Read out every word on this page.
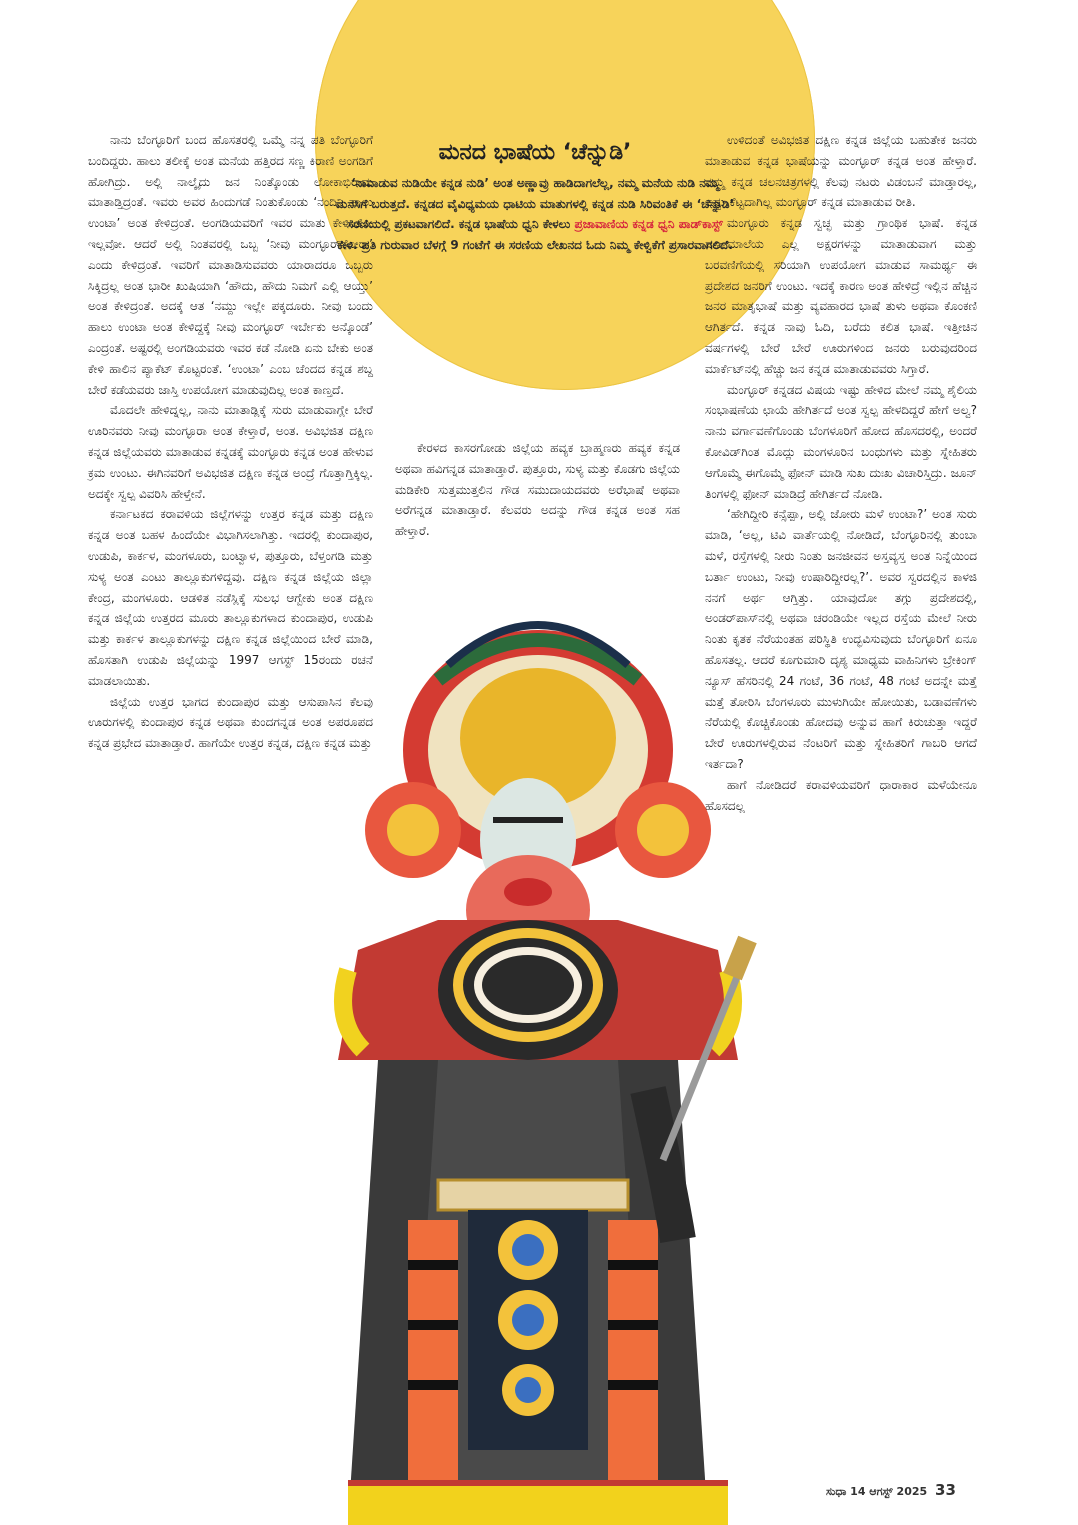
ಮನದ ಭಾಷೆಯ ‘ಚೆನ್ನುಡಿ’

‘ನಾವಾಡುವ ನುಡಿಯೇ ಕನ್ನಡ ನುಡಿ’ ಅಂತ ಅಣ್ಣಾವ್ರು ಹಾಡಿದಾಗಲೆಲ್ಲ, ನಮ್ಮ ಮನೆಯ ನುಡಿ ನಮ್ಮ ಮನಸಿಗೆ ಬರುತ್ತದೆ. ಕನ್ನಡದ ವೈವಿಧ್ಯಮಯ ಧಾಟಿಯ ಮಾತುಗಳಲ್ಲಿ ಕನ್ನಡ ನುಡಿ ಸಿರಿವಂತಿಕೆ ಈ ‘ಚೆನ್ನುಡಿ’ ಸರಣಿಯಲ್ಲಿ ಪ್ರಕಟವಾಗಲಿದೆ. ಕನ್ನಡ ಭಾಷೆಯ ಧ್ವನಿ ಕೇಳಲು ಪ್ರಜಾವಾಣಿಯ ಕನ್ನಡ ಧ್ವನಿ ಪಾಡ್‌ಕಾಸ್ಟ್ ಕೇಳಿ. ಪ್ರತಿ ಗುರುವಾರ ಬೆಳಗ್ಗೆ 9 ಗಂಟೆಗೆ ಈ ಸರಣಿಯ ಲೇಖನದ ಓದು ನಿಮ್ಮ ಕೇಳ್ವಿಕೆಗೆ ಪ್ರಸಾರವಾಗಲಿದೆ.

ನಾನು ಬೆಂಗ್ಳೂರಿಗೆ ಬಂದ ಹೊಸತರಲ್ಲಿ ಒಮ್ಮೆ ನನ್ನ ಪತಿ ಬೆಂಗ್ಳೂರಿಗೆ ಬಂದಿದ್ದರು. ಹಾಲು ತಲೀಕ್ಕೆ ಅಂತ ಮನೆಯ ಹತ್ತಿರದ ಸಣ್ಣ ಕಿರಾಣಿ ಅಂಗಡಿಗೆ ಹೋಗಿದ್ರು. ಅಲ್ಲಿ ನಾಲ್ಕೈದು ಜನ ನಿಂತ್ಕೊಂಡು ಲೋಕಾಭಿರಾಮ ಮಾತಾಡ್ತಿದ್ರಂತೆ. ಇವರು ಅವರ ಹಿಂದುಗಡೆ ನಿಂತುಕೊಂಡು ‘ನಂದಿನಿ ಹಾಲು ಉಂಟಾ’ ಅಂತ ಕೇಳಿದ್ರಂತೆ. ಅಂಗಡಿಯವರಿಗೆ ಇವರ ಮಾತು ಕೇಳಿಸಿತೋ ಇಲ್ಲವೋ. ಆದರೆ ಅಲ್ಲಿ ನಿಂತವರಲ್ಲಿ ಒಬ್ಬ ‘ನೀವು ಮಂಗ್ಳೂರ್‌ನೋರಾ’ ಎಂದು ಕೇಳಿದ್ರಂತೆ. ಇವರಿಗೆ ಮಾತಾಡಿಸುವವರು ಯಾರಾದರೂ ಒಬ್ಬರು ಸಿಕ್ಕಿದ್ರಲ್ಲ ಅಂತ ಭಾರೀ ಖುಷಿಯಾಗಿ ‘ಹೌದು, ಹೌದು ನಿಮಗೆ ಎಲ್ಲಿ ಆಯ್ತು’ ಅಂತ ಕೇಳಿದ್ರಂತೆ. ಅದಕ್ಕೆ ಆತ ‘ನಮ್ದು ಇಲ್ಲೇ ಪಕ್ಕದೂರು. ನೀವು ಬಂದು ಹಾಲು ಉಂಟಾ ಅಂತ ಕೇಳಿದ್ದಕ್ಕೆ ನೀವು ಮಂಗ್ಳೂರ್ ಇರ್ಬೇಕು ಅನ್ಕೊಂಡೆ’ ಎಂದ್ರಂತೆ. ಅಷ್ಟರಲ್ಲಿ ಅಂಗಡಿಯವರು ಇವರ ಕಡೆ ನೋಡಿ ಏನು ಬೇಕು ಅಂತ ಕೇಳಿ ಹಾಲಿನ ಪ್ಯಾಕೆಟ್ ಕೊಟ್ಟರಂತೆ. ‘ಉಂಟಾ’ ಎಂಬ ಚೆಂದದ ಕನ್ನಡ ಶಬ್ದ ಬೇರೆ ಕಡೆಯವರು ಜಾಸ್ತಿ ಉಪಯೋಗ ಮಾಡುವುದಿಲ್ಲ ಅಂತ ಕಾಣ್ತದೆ.

ಮೊದಲೇ ಹೇಳಿದ್ನಲ್ಲ, ನಾನು ಮಾತಾಡ್ಲಿಕ್ಕೆ ಸುರು ಮಾಡುವಾಗ್ಲೇ ಬೇರೆ ಊರಿನವರು ನೀವು ಮಂಗ್ಳೂರಾ ಅಂತ ಕೇಳ್ತಾರೆ, ಅಂತ. ಅವಿಭಜಿತ ದಕ್ಷಿಣ ಕನ್ನಡ ಜಿಲ್ಲೆಯವರು ಮಾತಾಡುವ ಕನ್ನಡಕ್ಕೆ ಮಂಗ್ಳೂರು ಕನ್ನಡ ಅಂತ ಹೇಳುವ ಕ್ರಮ ಉಂಟು. ಈಗಿನವರಿಗೆ ಅವಿಭಜಿತ ದಕ್ಷಿಣ ಕನ್ನಡ ಅಂದ್ರೆ ಗೊತ್ತಾಗ್ತಿಕ್ಕಿಲ್ಲ. ಅದಕ್ಕೇ ಸ್ವಲ್ಪ ವಿವರಿಸಿ ಹೇಳ್ತೇನೆ.

ಕರ್ನಾಟಕದ ಕರಾವಳಿಯ ಜಿಲ್ಲೆಗಳನ್ನು ಉತ್ತರ ಕನ್ನಡ ಮತ್ತು ದಕ್ಷಿಣ ಕನ್ನಡ ಅಂತ ಬಹಳ ಹಿಂದೆಯೇ ವಿಭಾಗಿಸಲಾಗಿತ್ತು. ಇದರಲ್ಲಿ ಕುಂದಾಪುರ, ಉಡುಪಿ, ಕಾರ್ಕಳ, ಮಂಗಳೂರು, ಬಂಟ್ವಾಳ, ಪುತ್ತೂರು, ಬೆಳ್ತಂಗಡಿ ಮತ್ತು ಸುಳ್ಯ ಅಂತ ಎಂಟು ತಾಲ್ಲೂಕುಗಳಿದ್ದವು. ದಕ್ಷಿಣ ಕನ್ನಡ ಜಿಲ್ಲೆಯ ಜಿಲ್ಲಾ ಕೇಂದ್ರ, ಮಂಗಳೂರು. ಆಡಳಿತ ನಡೆಸ್ಲಿಕ್ಕೆ ಸುಲಭ ಆಗ್ಬೇಕು ಅಂತ ದಕ್ಷಿಣ ಕನ್ನಡ ಜಿಲ್ಲೆಯ ಉತ್ತರದ ಮೂರು ತಾಲ್ಲೂಕುಗಳಾದ ಕುಂದಾಪುರ, ಉಡುಪಿ ಮತ್ತು ಕಾರ್ಕಳ ತಾಲ್ಲೂಕುಗಳನ್ನು ದಕ್ಷಿಣ ಕನ್ನಡ ಜಿಲ್ಲೆಯಿಂದ ಬೇರೆ ಮಾಡಿ, ಹೊಸತಾಗಿ ಉಡುಪಿ ಜಿಲ್ಲೆಯನ್ನು 1997 ಆಗಸ್ಟ್ 15ರಂದು ರಚನೆ ಮಾಡಲಾಯಿತು.

ಜಿಲ್ಲೆಯ ಉತ್ತರ ಭಾಗದ ಕುಂದಾಪುರ ಮತ್ತು ಆಸುಪಾಸಿನ ಕೆಲವು ಊರುಗಳಲ್ಲಿ ಕುಂದಾಪುರ ಕನ್ನಡ ಅಥವಾ ಕುಂದಗನ್ನಡ ಅಂತ ಅಪರೂಪದ ಕನ್ನಡ ಪ್ರಭೇದ ಮಾತಾಡ್ತಾರೆ. ಹಾಗೆಯೇ ಉತ್ತರ ಕನ್ನಡ, ದಕ್ಷಿಣ ಕನ್ನಡ ಮತ್ತು

ಕೇರಳದ ಕಾಸರಗೋಡು ಜಿಲ್ಲೆಯ ಹವ್ಯಕ ಬ್ರಾಹ್ಮಣರು ಹವ್ಯಕ ಕನ್ನಡ ಅಥವಾ ಹವಿಗನ್ನಡ ಮಾತಾಡ್ತಾರೆ. ಪುತ್ತೂರು, ಸುಳ್ಯ ಮತ್ತು ಕೊಡಗು ಜಿಲ್ಲೆಯ ಮಡಿಕೇರಿ ಸುತ್ತಮುತ್ತಲಿನ ಗೌಡ ಸಮುದಾಯದವರು ಅರೆಭಾಷೆ ಅಥವಾ ಅರೆಗನ್ನಡ ಮಾತಾಡ್ತಾರೆ. ಕೆಲವರು ಅದನ್ನು ಗೌಡ ಕನ್ನಡ ಅಂತ ಸಹ ಹೇಳ್ತಾರೆ.

ಉಳಿದಂತೆ ಅವಿಭಜಿತ ದಕ್ಷಿಣ ಕನ್ನಡ ಜಿಲ್ಲೆಯ ಬಹುತೇಕ ಜನರು ಮಾತಾಡುವ ಕನ್ನಡ ಭಾಷೆಯನ್ನು ಮಂಗ್ಳೂರ್ ಕನ್ನಡ ಅಂತ ಹೇಳ್ತಾರೆ. ನಮ್ಮ ಕನ್ನಡ ಚಲನಚಿತ್ರಗಳಲ್ಲಿ ಕೆಲವು ನಟರು ವಿಡಂಬನೆ ಮಾಡ್ತಾರಲ್ಲ, ಅಷ್ಟು ಕೆಟ್ಟದಾಗಿಲ್ಲ ಮಂಗ್ಳೂರ್ ಕನ್ನಡ ಮಾತಾಡುವ ರೀತಿ.

ಮಂಗ್ಳೂರು ಕನ್ನಡ ಸ್ವಚ್ಛ ಮತ್ತು ಗ್ರಾಂಥಿಕ ಭಾಷೆ. ಕನ್ನಡ ವರ್ಣಮಾಲೆಯ ಎಲ್ಲ ಅಕ್ಷರಗಳನ್ನು ಮಾತಾಡುವಾಗ ಮತ್ತು ಬರವಣಿಗೆಯಲ್ಲಿ ಸರಿಯಾಗಿ ಉಪಯೋಗ ಮಾಡುವ ಸಾಮರ್ಥ್ಯ ಈ ಪ್ರದೇಶದ ಜನರಿಗೆ ಉಂಟು. ಇದಕ್ಕೆ ಕಾರಣ ಅಂತ ಹೇಳಿದ್ರೆ ಇಲ್ಲಿನ ಹೆಚ್ಚಿನ ಜನರ ಮಾತೃಭಾಷೆ ಮತ್ತು ವ್ಯವಹಾರದ ಭಾಷೆ ತುಳು ಅಥವಾ ಕೊಂಕಣಿ ಆಗಿರ್ತದೆ. ಕನ್ನಡ ನಾವು ಓದಿ, ಬರೆದು ಕಲಿತ ಭಾಷೆ. ಇತ್ತೀಚಿನ ವರ್ಷಗಳಲ್ಲಿ ಬೇರೆ ಬೇರೆ ಊರುಗಳಿಂದ ಜನರು ಬರುವುದರಿಂದ ಮಾರ್ಕೆಟ್‌ನಲ್ಲಿ ಹೆಚ್ಚು ಜನ ಕನ್ನಡ ಮಾತಾಡುವವರು ಸಿಗ್ತಾರೆ.

ಮಂಗ್ಳೂರ್ ಕನ್ನಡದ ವಿಷಯ ಇಷ್ಟು ಹೇಳಿದ ಮೇಲೆ ನಮ್ಮ ಶೈಲಿಯ ಸಂಭಾಷಣೆಯ ಛಾಯೆ ಹೇಗಿರ್ತದೆ ಅಂತ ಸ್ವಲ್ಪ ಹೇಳದಿದ್ದರೆ ಹೇಗೆ ಅಲ್ವ? ನಾನು ವರ್ಗಾವಣೆಗೊಂಡು ಬೆಂಗಳೂರಿಗೆ ಹೋದ ಹೊಸದರಲ್ಲಿ, ಅಂದರೆ ಕೋವಿಡ್‌ಗಿಂತ ಮೊದ್ಲು ಮಂಗಳೂರಿನ ಬಂಧುಗಳು ಮತ್ತು ಸ್ನೇಹಿತರು ಆಗೊಮ್ಮೆ ಈಗೊಮ್ಮೆ ಫೋನ್ ಮಾಡಿ ಸುಖ ದುಃಖ ವಿಚಾರಿಸ್ತಿದ್ರು. ಜೂನ್ ತಿಂಗಳಲ್ಲಿ ಫೋನ್ ಮಾಡಿದ್ರೆ ಹೇಗಿರ್ತದೆ ನೋಡಿ.

‘ಹೇಗಿದ್ದೀರಿ ಕನ್ಸೆಪ್ಪಾ, ಅಲ್ಲಿ ಜೋರು ಮಳೆ ಉಂಟಾ?’ ಅಂತ ಸುರು ಮಾಡಿ, ‘ಅಲ್ಲ, ಟಿವಿ ವಾರ್ತೆಯಲ್ಲಿ ನೋಡಿದೆ, ಬೆಂಗ್ಳೂರಿನಲ್ಲಿ ತುಂಬಾ ಮಳೆ, ರಸ್ತೆಗಳಲ್ಲಿ ನೀರು ನಿಂತು ಜನಜೀವನ ಅಸ್ತವ್ಯಸ್ತ ಅಂತ ನಿನ್ನೆಯಿಂದ ಬರ್ತಾ ಉಂಟು, ನೀವು ಉಷಾರಿದ್ದೀರಲ್ಲ?’. ಅವರ ಸ್ವರದಲ್ಲಿನ ಕಾಳಜಿ ನನಗೆ ಅರ್ಥ ಆಗ್ತಿತ್ತು. ಯಾವುದೋ ತಗ್ಗು ಪ್ರದೇಶದಲ್ಲಿ, ಅಂಡರ್‌ಪಾಸ್‌ನಲ್ಲಿ ಅಥವಾ ಚರಂಡಿಯೇ ಇಲ್ಲದ ರಸ್ತೆಯ ಮೇಲೆ ನೀರು ನಿಂತು ಕೃತಕ ನೆರೆಯಂತಹ ಪರಿಸ್ಥಿತಿ ಉದ್ಭವಿಸುವುದು ಬೆಂಗ್ಳೂರಿಗೆ ಏನೂ ಹೊಸತಲ್ಲ. ಆದರೆ ಕೂಗುಮಾರಿ ದೃಶ್ಯ ಮಾಧ್ಯಮ ವಾಹಿನಿಗಳು ಬ್ರೇಕಿಂಗ್ ನ್ಯೂಸ್ ಹೆಸರಿನಲ್ಲಿ 24 ಗಂಟೆ, 36 ಗಂಟೆ, 48 ಗಂಟೆ ಅದನ್ನೇ ಮತ್ತೆ ಮತ್ತೆ ತೋರಿಸಿ ಬೆಂಗಳೂರು ಮುಳುಗಿಯೇ ಹೋಯಿತು, ಬಡಾವಣೆಗಳು ನೆರೆಯಲ್ಲಿ ಕೊಚ್ಚಿಕೊಂಡು ಹೋದವು ಅನ್ನುವ ಹಾಗೆ ಕಿರುಚುತ್ತಾ ಇದ್ದರೆ ಬೇರೆ ಊರುಗಳಲ್ಲಿರುವ ನೆಂಟರಿಗೆ ಮತ್ತು ಸ್ನೇಹಿತರಿಗೆ ಗಾಬರಿ ಆಗದೆ ಇರ್ತದಾ?

ಹಾಗೆ ನೋಡಿದರೆ ಕರಾವಳಿಯವರಿಗೆ ಧಾರಾಕಾರ ಮಳೆಯೇನೂ ಹೊಸದಲ್ಲ

ಸುಧಾ 14 ಆಗಸ್ಟ್ 2025 33
